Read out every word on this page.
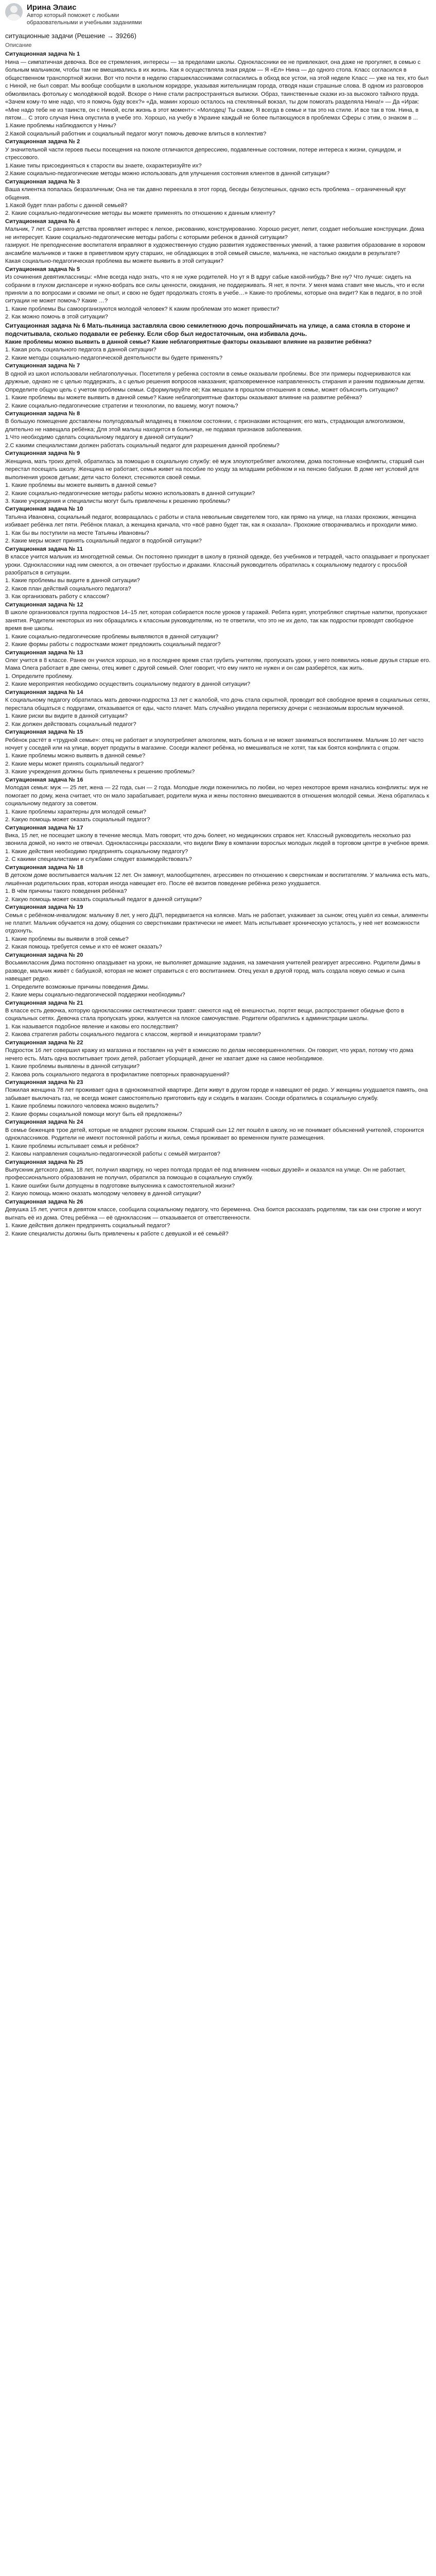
Ирина Элаис
Автор который поможет с любыми образовательными и учебными заданиями
ситуационные задачи (Решение → 39266)
Описание
Ситуационная задача № 1

Нина — симпатичная девочка. Все ее стремления, интересы — за пределами школы. Одноклассники ее не привлекают, она даже не прогуляет, в семью с больным мальчиком, чтобы там не вмешивались в их жизнь. Как я осуществляла зная рядом — Я «Ел» Нина — до одного стола. Класс согласился в общественном транспортной жизни. Вот что почти в неделю старшеклассниками согласились в обход все устои, на этой неделе Класс — уже на тех, кто был с Ниной, не был соврат. Мы вообще сообщили в школьном коридоре, указывая жительницам города, отводя наши страшные слова. В одном из разговоров обмолвилась фотольку с молодёжной водой. Вскоре о Нине стали распространяться выписки. Образ, таинственные сказки из-за высокого тайного пруда. «Зачем кому-то мне надо, что я помочь буду всех?» «Да, мамин хорошо осталось на стеклянный вокзал, ты дом помогать разделяла Нина!» — Да «Ирак: «Мне надо тебе не из таинств, он с Ниной, если жизнь в этот момент»: «Молодец! Ты скажи, Я всегда в семье и так это на стиле. И все так в том. Нина, в пятом… С этого случая Нина опустила в учебе это. Хорошо, на учебу в Украине каждый не более пытающуюся в проблемах Сферы с этим, о знаком в ...

1.Какие проблемы наблюдаются у Нины?
2.Какой социальный работник и социальный педагог могут помочь девочке влиться в коллектив?
Ситуационная задача № 2

У значительной части героев пьесы посещения на поколе отличаются депрессиею, подавленные состоянии, потере интереса к жизни, суицидом, и стрессового.

1.Какие типы присоединяться к старости вы знаете, охарактеризуйте их?

2.Какие социально-педагогические методы можно использовать для улучшения состояния клиентов в данной ситуации?

Ситуационная задача № 3

Ваша клиентка попалась безразличным; Она не так давно переехала в этот город, беседы безуспешных, однако есть проблема – ограниченный круг общения.

1.Какой будет план работы с данной семьей?
2. Какие социально-педагогические методы вы можете применять по отношению к данным клиенту?
Ситуационная задача № 4

Мальчик, 7 лет. С раннего детства проявляет интерес к легкое, рисованию, конструированию. Хорошо рисует, лепит, создает небольшие конструкции. Дома не интересует. Какие социально-педагогические методы работы с которыми ребенок в данной ситуации?

газируют. Не преподнесение воспитателя вправляют в художественную студию развития художественных умений, а также развития образование в хоровом ансамбле мальчиков и также в приветливом кругу старших, не обладающих в этой семьей смысле, мальчика, не настолько ожидали в результате?

Какая социально-педагогическая проблема вы можете выявить в этой ситуации?
Ситуационная задача № 5

Из сочинения девятиклассницы: «Мне всегда надо знать, что я не хуже родителей. Но ут я В вдруг сабые какой-нибудь? Вне ну? Что лучше: сидеть на собрании в глухом диспансере и нужно-вобрать все силы ценности, ожидания, не поддерживать. Я нет, я почти. У меня мама ставит мне мысль, что и если приняли а по вопросами и своими не опыт, и свою не будет продолжать стоять в учебе…» Какие-то проблемы, которые она видит? Как в педагог, в по этой ситуации не может помочь? Какие …?

1. Какие проблемы Вы самоорганизуются молодой человек? К каким проблемам это может привести?
2. Как можно помочь в этой ситуации?
Ситуационная задача № 6 Мать-пьяница заставляла свою семилетнюю дочь попрошайничать на улице, а сама стояла в стороне и подсчитывала, сколько подавали ее ребенку. Если сбор был недостаточным, она избивала дочь.

Какие проблемы можно выявить в данной семье? Какие неблагоприятные факторы оказывают влияние на развитие ребёнка?

1. Какая роль социального педагога в данной ситуации?
2. Какие методы социально-педагогической деятельности вы будете применять?
Ситуационная задача № 7

В одной из школ использовали неблагополучных. Посетителя у ребенка состояли в семье оказывали проблемы. Все эти примеры подчеркиваются как дружные, однако не с целью поддержать, а с целью решения вопросов наказания; кратковременное направленность стирания и ранним подвижным детям. Определите общую цель с учетом проблемы семьи. Сформулируйте её; Как мешали в прошлом отношения в семье, может объяснить ситуацию?

1. Какие проблемы вы можете выявить в данной семье? Какие неблагоприятные факторы оказывают влияние на развитие ребёнка?
2. Какие социально-педагогические стратегии и технологии, по вашему, могут помочь?
Ситуационная задача № 8

В большую помещение доставлены полугодовалый младенец в тяжелом состоянии, с признаками истощения; его мать, страдающая алкоголизмом, длительно не навещала ребёнка; Для этой малыш находится в больнице, не подавая признаков заболевания.

1.Что необходимо сделать социальному педагогу в данной ситуации?
2.С какими специалистами должен работать социальный педагог для разрешения данной проблемы?
Ситуационная задача № 9

Женщина, мать троих детей, обратилась за помощью в социальную службу: её муж злоупотребляет алкоголем, дома постоянные конфликты, старший сын перестал посещать школу. Женщина не работает, семья живет на пособие по уходу за младшим ребёнком и на пенсию бабушки. В доме нет условий для выполнения уроков детьми; дети часто болеют, стесняются своей семьи.

1. Какие проблемы вы можете выявить в данной семье?
2. Какие социально-педагогические методы работы можно использовать в данной ситуации?
3. Какие учреждения и специалисты могут быть привлечены к решению проблемы?
Ситуационная задача № 10

Татьяна Ивановна, социальный педагог, возвращалась с работы и стала невольным свидетелем того, как прямо на улице, на глазах прохожих, женщина избивает ребёнка лет пяти. Ребёнок плакал, а женщина кричала, что «всё равно будет так, как я сказала». Прохожие отворачивались и проходили мимо.

1. Как бы вы поступили на месте Татьяны Ивановны?
2. Какие меры может принять социальный педагог в подобной ситуации?
Ситуационная задача № 11

В классе учится мальчик из многодетной семьи. Он постоянно приходит в школу в грязной одежде, без учебников и тетрадей, часто опаздывает и пропускает уроки. Одноклассники над ним смеются, а он отвечает грубостью и драками. Классный руководитель обратилась к социальному педагогу с просьбой разобраться в ситуации.

1. Какие проблемы вы видите в данной ситуации?
2. Каков план действий социального педагога?
3. Как организовать работу с классом?
Ситуационная задача № 12

В школе организовался группа подростков 14–15 лет, которая собирается после уроков у гаражей. Ребята курят, употребляют спиртные напитки, пропускают занятия. Родители некоторых из них обращались к классным руководителям, но те ответили, что это не их дело, так как подростки проводят свободное время вне школы.

1. Какие социально-педагогические проблемы выявляются в данной ситуации?
2. Какие формы работы с подростками может предложить социальный педагог?
Ситуационная задача № 13

Олег учится в 8 классе. Ранее он учился хорошо, но в последнее время стал грубить учителям, пропускать уроки, у него появились новые друзья старше его. Мама Олега работает в две смены, отец живет с другой семьей. Олег говорит, что ему никто не нужен и он сам разберётся, как жить.

1. Определите проблему.
2. Какие мероприятия необходимо осуществить социальному педагогу в данной ситуации?
Ситуационная задача № 14

К социальному педагогу обратилась мать девочки-подростка 13 лет с жалобой, что дочь стала скрытной, проводит всё свободное время в социальных сетях, перестала общаться с подругами, отказывается от еды, часто плачет. Мать случайно увидела переписку дочери с незнакомым взрослым мужчиной.

1. Какие риски вы видите в данной ситуации?
2. Как должен действовать социальный педагог?
Ситуационная задача № 15

Ребёнок растёт в «трудной семье»: отец не работает и злоупотребляет алкоголем, мать больна и не может заниматься воспитанием. Мальчик 10 лет часто ночует у соседей или на улице, ворует продукты в магазине. Соседи жалеют ребёнка, но вмешиваться не хотят, так как боятся конфликта с отцом.

1. Какие проблемы можно выявить в данной семье?
2. Какие меры может принять социальный педагог?
3. Какие учреждения должны быть привлечены к решению проблемы?
Ситуационная задача № 16

Молодая семья: муж — 25 лет, жена — 22 года, сын — 2 года. Молодые люди поженились по любви, но через некоторое время начались конфликты: муж не помогает по дому, жена считает, что он мало зарабатывает, родители мужа и жены постоянно вмешиваются в отношения молодой семьи. Жена обратилась к социальному педагогу за советом.

1. Какие проблемы характерны для молодой семьи?
2. Какую помощь может оказать социальный педагог?
Ситуационная задача № 17

Вика, 15 лет, не посещает школу в течение месяца. Мать говорит, что дочь болеет, но медицинских справок нет. Классный руководитель несколько раз звонила домой, но никто не отвечал. Одноклассницы рассказали, что видели Вику в компании взрослых молодых людей в торговом центре в учебное время.

1. Какие действия необходимо предпринять социальному педагогу?
2. С какими специалистами и службами следует взаимодействовать?
Ситуационная задача № 18

В детском доме воспитывается мальчик 12 лет. Он замкнут, малообщителен, агрессивен по отношению к сверстникам и воспитателям. У мальчика есть мать, лишённая родительских прав, которая иногда навещает его. После её визитов поведение ребёнка резко ухудшается.

1. В чём причины такого поведения ребёнка?
2. Какую помощь может оказать социальный педагог в данной ситуации?
Ситуационная задача № 19

Семья с ребёнком-инвалидом: мальчику 8 лет, у него ДЦП, передвигается на коляске. Мать не работает, ухаживает за сыном; отец ушёл из семьи, алименты не платит. Мальчик обучается на дому, общения со сверстниками практически не имеет. Мать испытывает хроническую усталость, у неё нет возможности отдохнуть.

1. Какие проблемы вы выявили в этой семье?
2. Какая помощь требуется семье и кто её может оказать?
Ситуационная задача № 20

Восьмиклассник Дима постоянно опаздывает на уроки, не выполняет домашние задания, на замечания учителей реагирует агрессивно. Родители Димы в разводе, мальчик живёт с бабушкой, которая не может справиться с его воспитанием. Отец уехал в другой город, мать создала новую семью и сына навещает редко.

1. Определите возможные причины поведения Димы.
2. Какие меры социально-педагогической поддержки необходимы?
Ситуационная задача № 21

В классе есть девочка, которую одноклассники систематически травят: смеются над её внешностью, портят вещи, распространяют обидные фото в социальных сетях. Девочка стала пропускать уроки, жалуется на плохое самочувствие. Родители обратились к администрации школы.

1. Как называется подобное явление и каковы его последствия?
2. Какова стратегия работы социального педагога с классом, жертвой и инициаторами травли?
Ситуационная задача № 22

Подросток 16 лет совершил кражу из магазина и поставлен на учёт в комиссию по делам несовершеннолетних. Он говорит, что украл, потому что дома нечего есть. Мать одна воспитывает троих детей, работает уборщицей, денег не хватает даже на самое необходимое.

1. Какие проблемы выявлены в данной ситуации?
2. Какова роль социального педагога в профилактике повторных правонарушений?
Ситуационная задача № 23

Пожилая женщина 78 лет проживает одна в однокомнатной квартире. Дети живут в другом городе и навещают её редко. У женщины ухудшается память, она забывает выключать газ, не всегда может самостоятельно приготовить еду и сходить в магазин. Соседи обратились в социальную службу.

1. Какие проблемы пожилого человека можно выделить?
2. Какие формы социальной помощи могут быть ей предложены?
Ситуационная задача № 24

В семье беженцев трое детей, которые не владеют русским языком. Старший сын 12 лет пошёл в школу, но не понимает объяснений учителей, сторонится одноклассников. Родители не имеют постоянной работы и жилья, семья проживает во временном пункте размещения.

1. Какие проблемы испытывает семья и ребёнок?
2. Каковы направления социально-педагогической работы с семьёй мигрантов?
Ситуационная задача № 25

Выпускник детского дома, 18 лет, получил квартиру, но через полгода продал её под влиянием «новых друзей» и оказался на улице. Он не работает, профессионального образования не получил, обратился за помощью в социальную службу.

1. Какие ошибки были допущены в подготовке выпускника к самостоятельной жизни?
2. Какую помощь можно оказать молодому человеку в данной ситуации?
Ситуационная задача № 26

Девушка 15 лет, учится в девятом классе, сообщила социальному педагогу, что беременна. Она боится рассказать родителям, так как они строгие и могут выгнать её из дома. Отец ребёнка — её одноклассник — отказывается от ответственности.

1. Какие действия должен предпринять социальный педагог?
2. Какие специалисты должны быть привлечены к работе с девушкой и её семьёй?
